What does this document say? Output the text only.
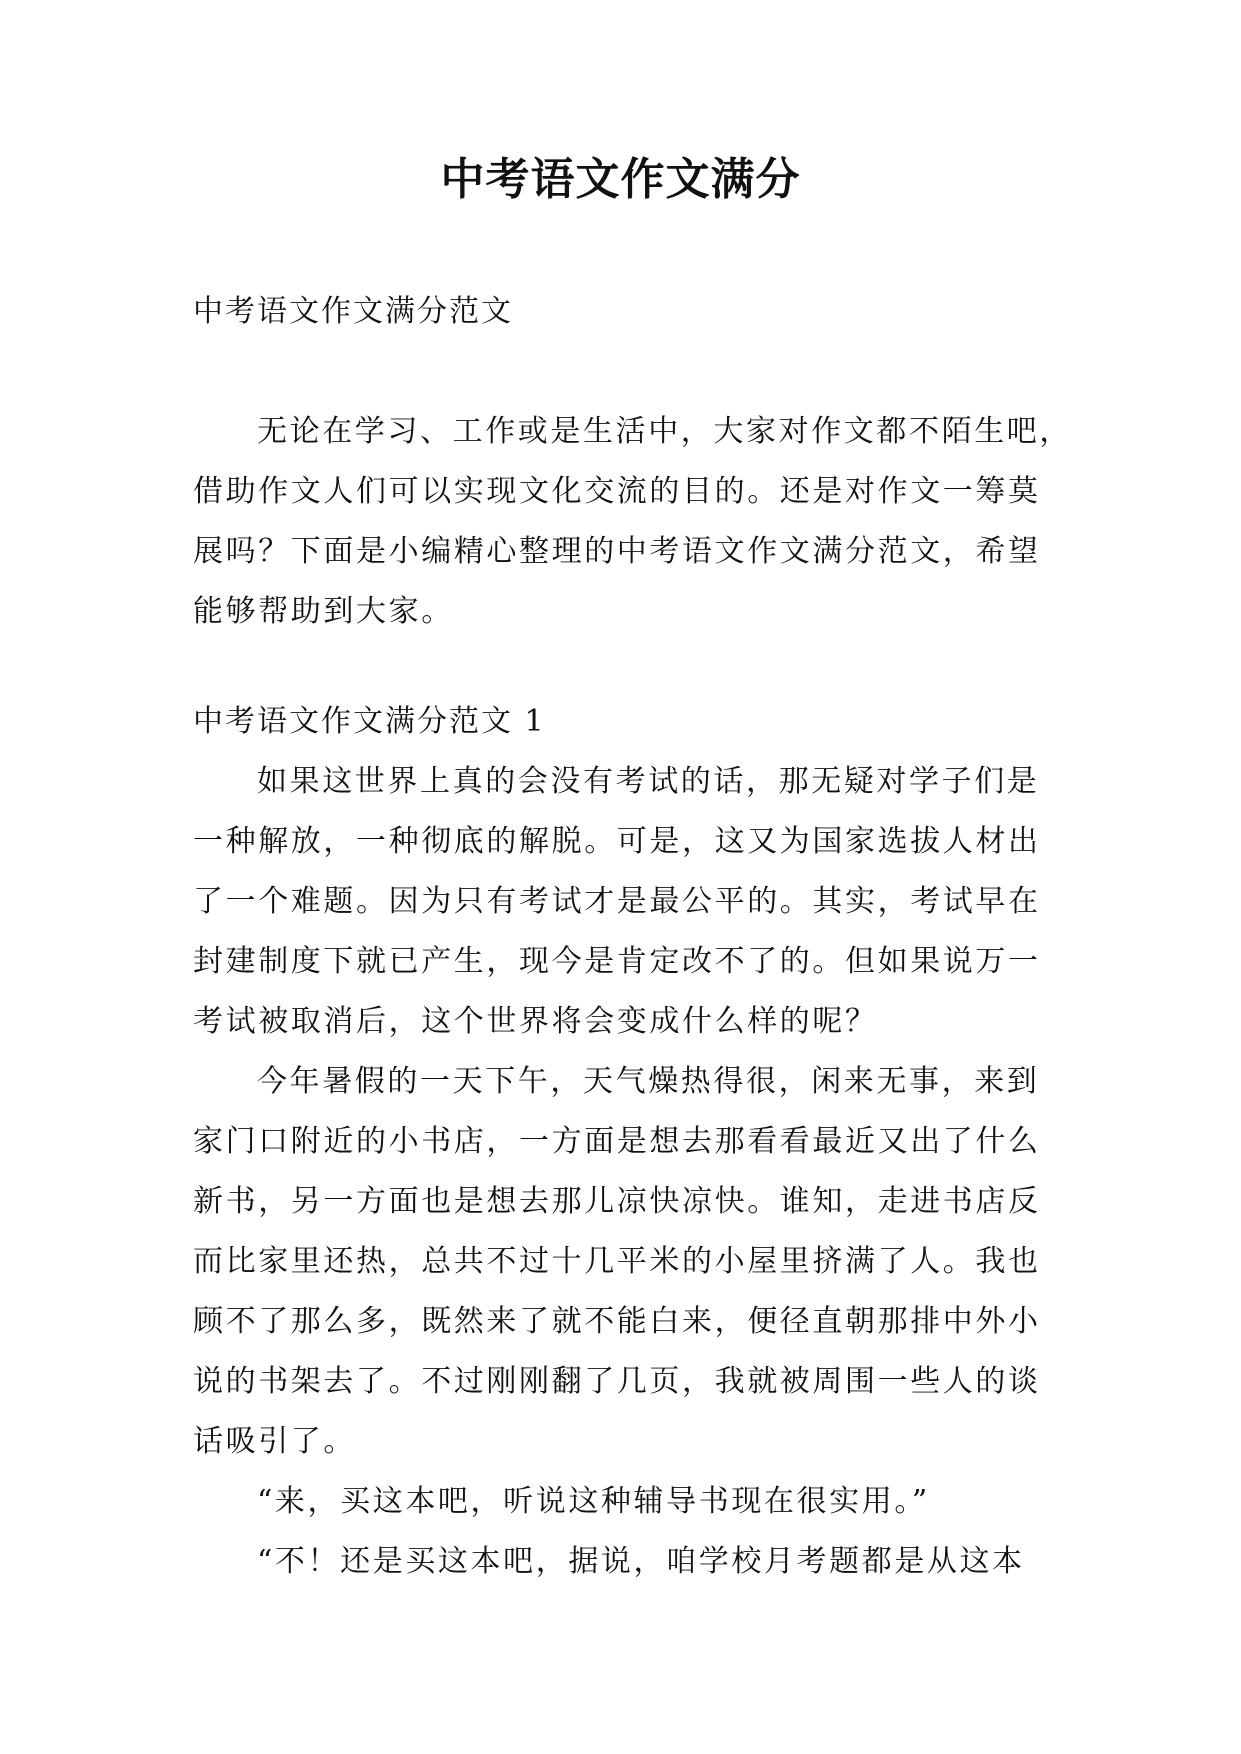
中考语文作文满分
中考语文作文满分范文
无论在学习、工作或是生活中，大家对作文都不陌生吧，
借助作文人们可以实现文化交流的目的。还是对作文一筹莫
展吗？下面是小编精心整理的中考语文作文满分范文，希望
能够帮助到大家。
中考语文作文满分范文 1
如果这世界上真的会没有考试的话，那无疑对学子们是
一种解放，一种彻底的解脱。可是，这又为国家选拔人材出
了一个难题。因为只有考试才是最公平的。其实，考试早在
封建制度下就已产生，现今是肯定改不了的。但如果说万一
考试被取消后，这个世界将会变成什么样的呢？
今年暑假的一天下午，天气燥热得很，闲来无事，来到
家门口附近的小书店，一方面是想去那看看最近又出了什么
新书，另一方面也是想去那儿凉快凉快。谁知，走进书店反
而比家里还热，总共不过十几平米的小屋里挤满了人。我也
顾不了那么多，既然来了就不能白来，便径直朝那排中外小
说的书架去了。不过刚刚翻了几页，我就被周围一些人的谈
话吸引了。
“来，买这本吧，听说这种辅导书现在很实用。”
“不！还是买这本吧，据说，咱学校月考题都是从这本
